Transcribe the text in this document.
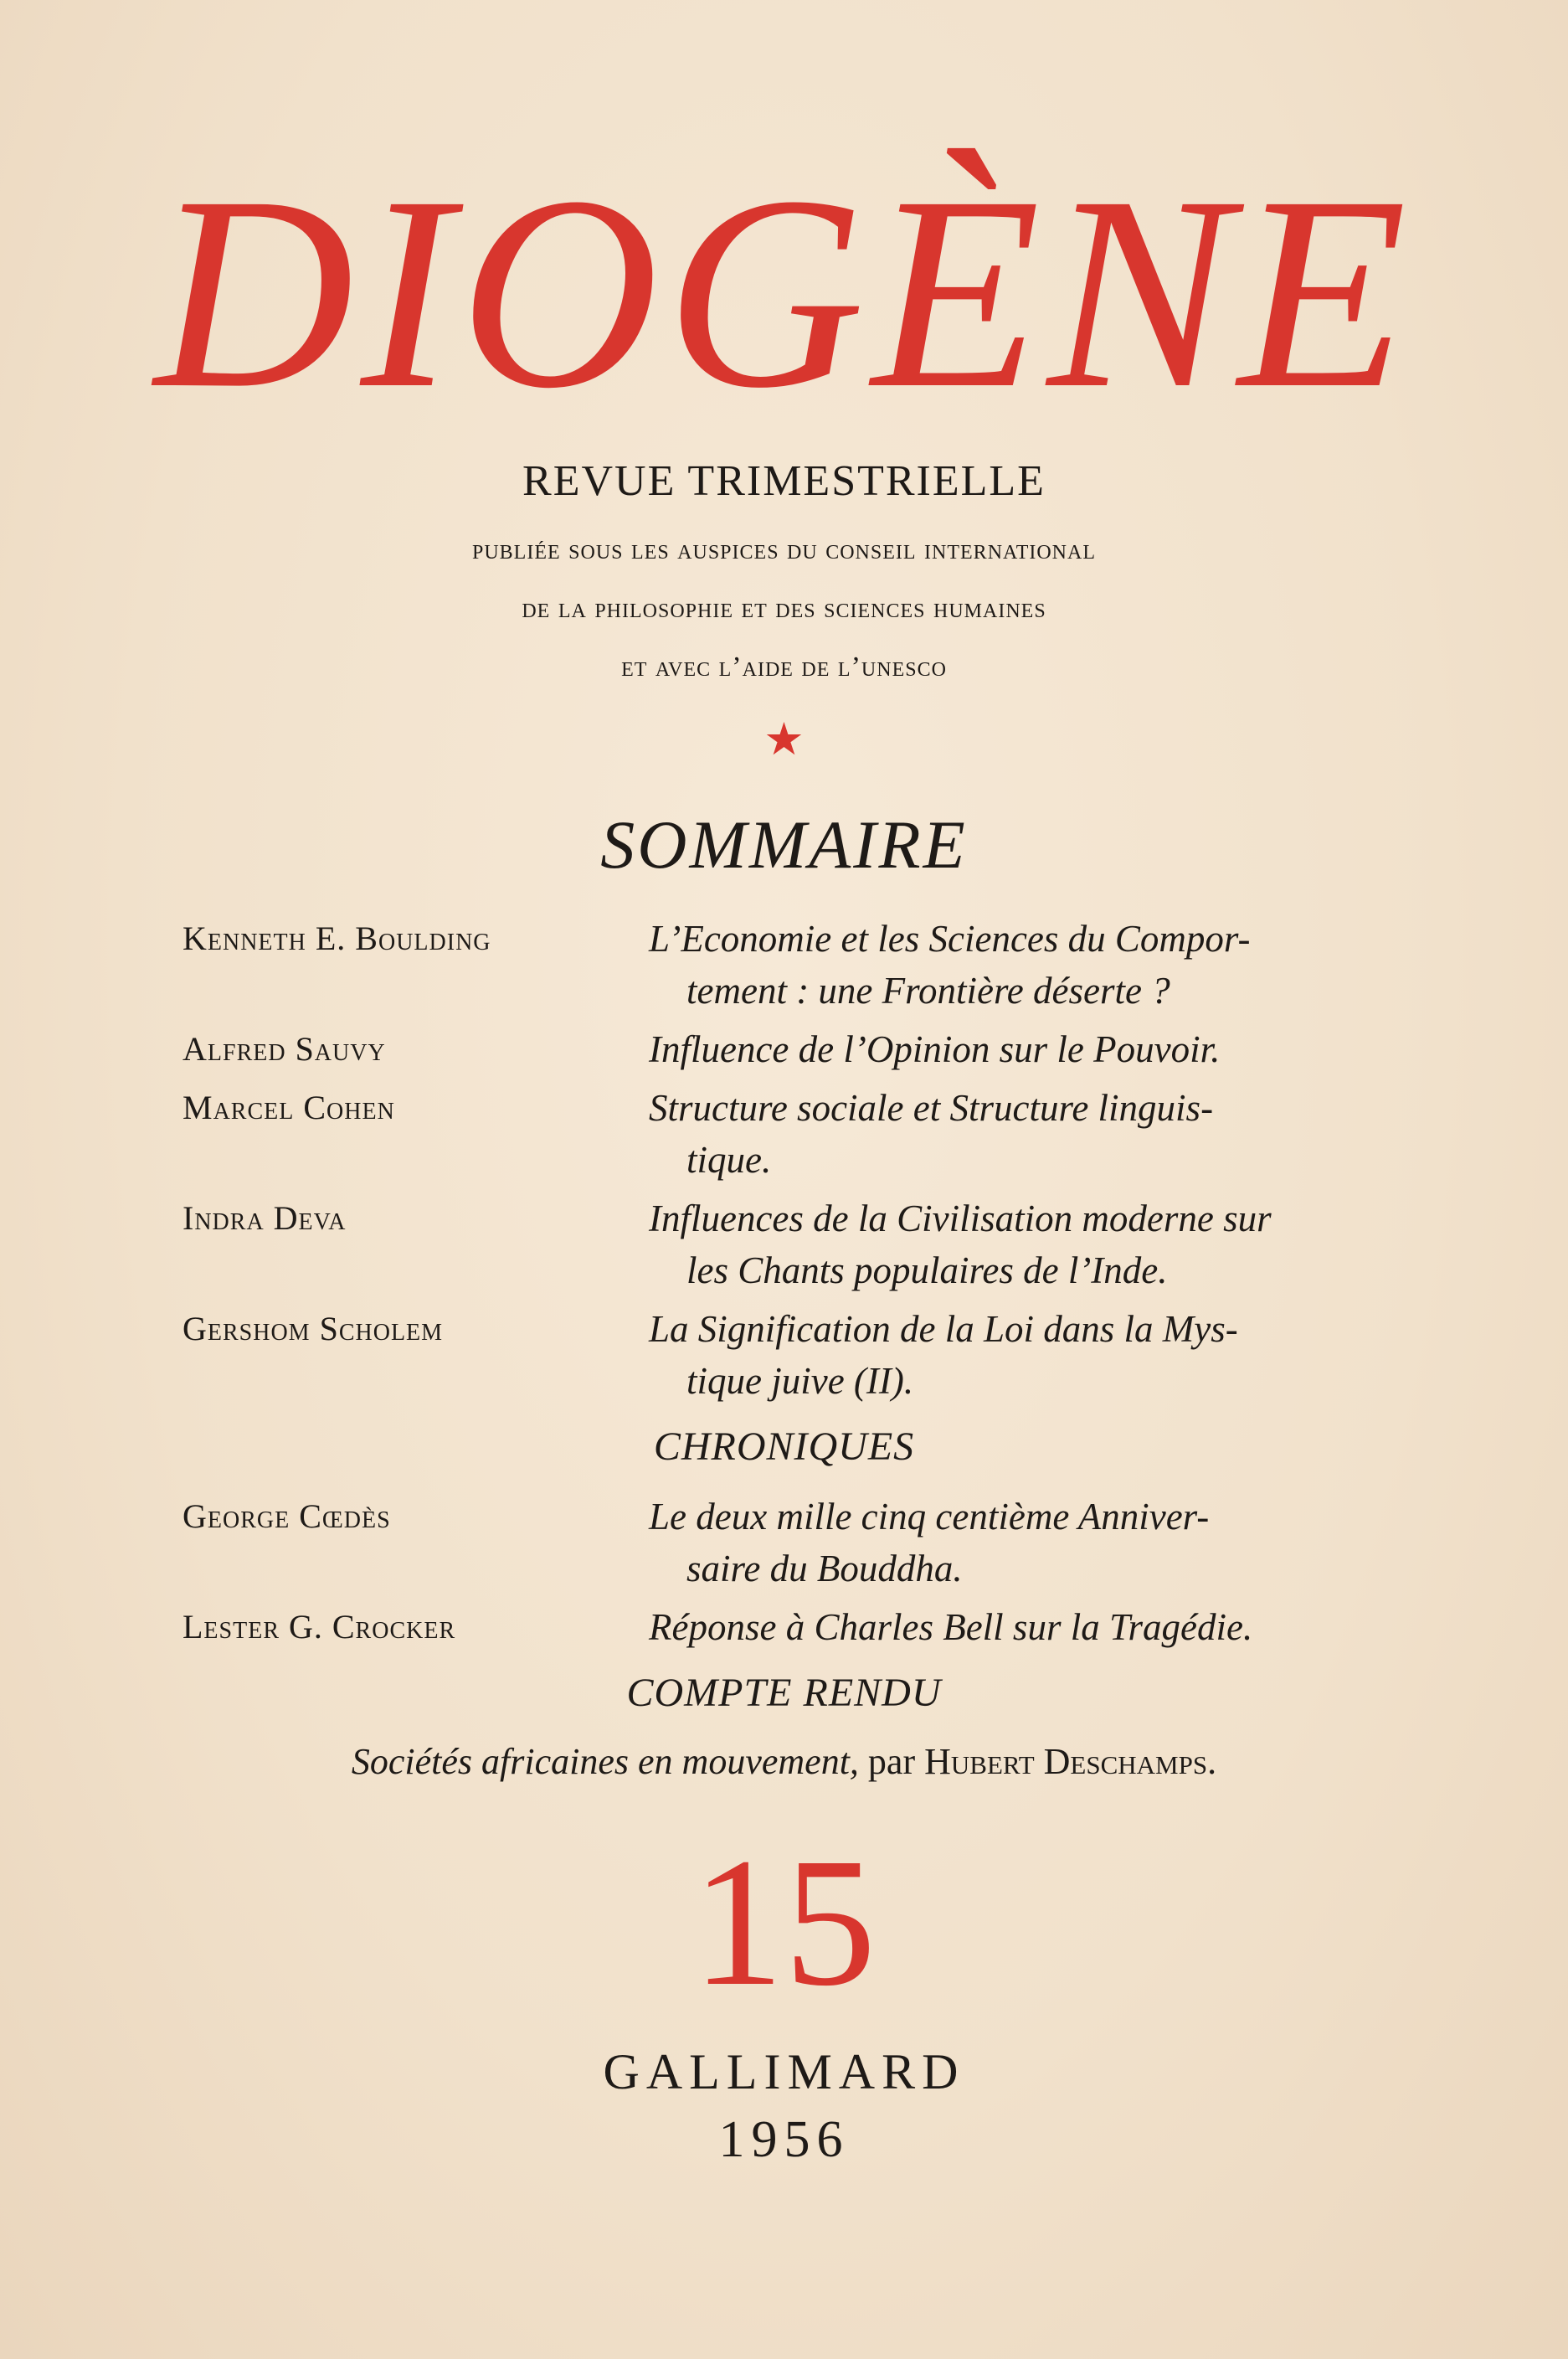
DIOGÈNE
REVUE TRIMESTRIELLE
publiée sous les auspices du conseil international
de la philosophie et des sciences humaines
et avec l’aide de l’unesco
★
SOMMAIRE
Kenneth E. Boulding	L’Economie et les Sciences du Compor-
tement : une Frontière déserte ?
Alfred Sauvy	Influence de l’Opinion sur le Pouvoir.
Marcel Cohen	Structure sociale et Structure linguis-
tique.
Indra Deva	Influences de la Civilisation moderne sur
les Chants populaires de l’Inde.
Gershom Scholem	La Signification de la Loi dans la Mys-
tique juive (II).
CHRONIQUES
George Cœdès	Le deux mille cinq centième Anniver-
saire du Bouddha.
Lester G. Crocker	Réponse à Charles Bell sur la Tragédie.
COMPTE RENDU
Sociétés africaines en mouvement, par Hubert Deschamps.
15
GALLIMARD
1956
